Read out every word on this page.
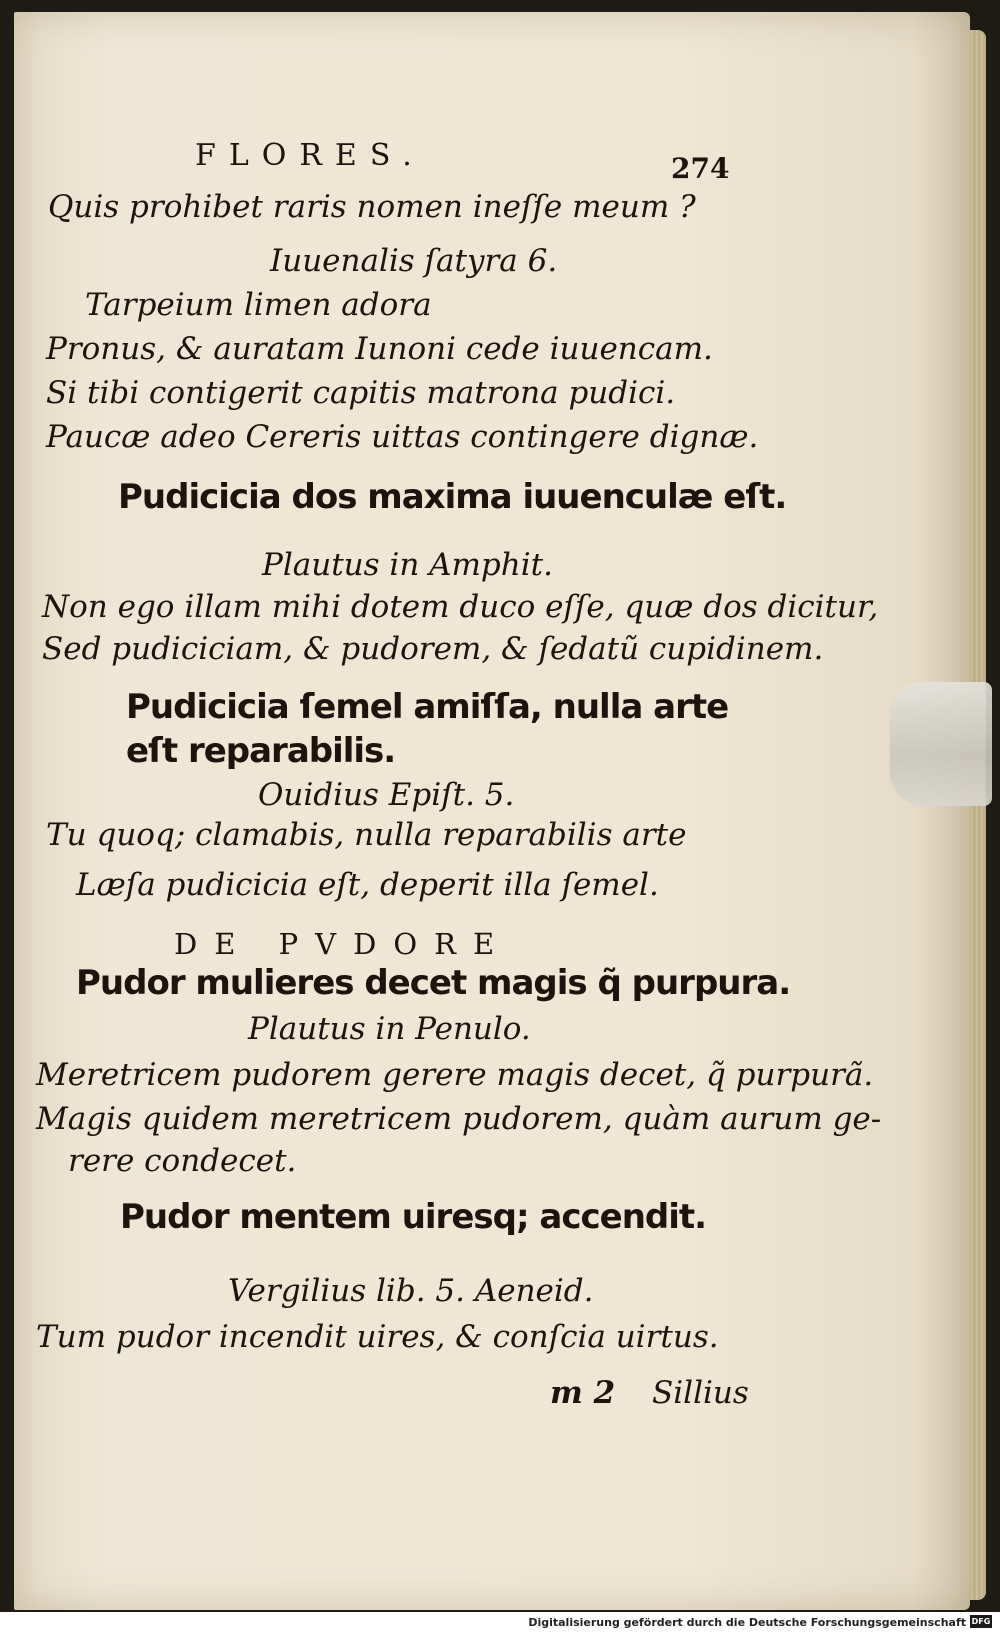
FLORES.	274
Quis prohibet raris nomen ineſſe meum ?
Iuuenalis ſatyra 6.
Tarpeium limen adora
Pronus, & auratam Iunoni cede iuuencam.
Si tibi contigerit capitis matrona pudici.
Paucæ adeo Cereris uittas contingere dignæ.
Pudicicia dos maxima iuuenculæ eſt.
Plautus in Amphit.
Non ego illam mihi dotem duco eſſe, quæ dos dicitur,
Sed pudiciciam, & pudorem, & ſedatũ cupidinem.
Pudicicia ſemel amiſſa, nulla arte
eſt reparabilis.
Ouidius Epiſt. 5.
Tu quoq; clamabis, nulla reparabilis arte
Læſa pudicicia eſt, deperit illa ſemel.
DE PVDORE
Pudor mulieres decet magis q̃ purpura.
Plautus in Penulo.
Meretricem pudorem gerere magis decet, q̃ purpurã.
Magis quidem meretricem pudorem, quàm aurum ge-
rere condecet.
Pudor mentem uiresq; accendit.
Vergilius lib. 5. Aeneid.
Tum pudor incendit uires, & conſcia uirtus.
m 2 Sillius
Digitalisierung gefördert durch die Deutsche Forschungsgemeinschaft DFG
